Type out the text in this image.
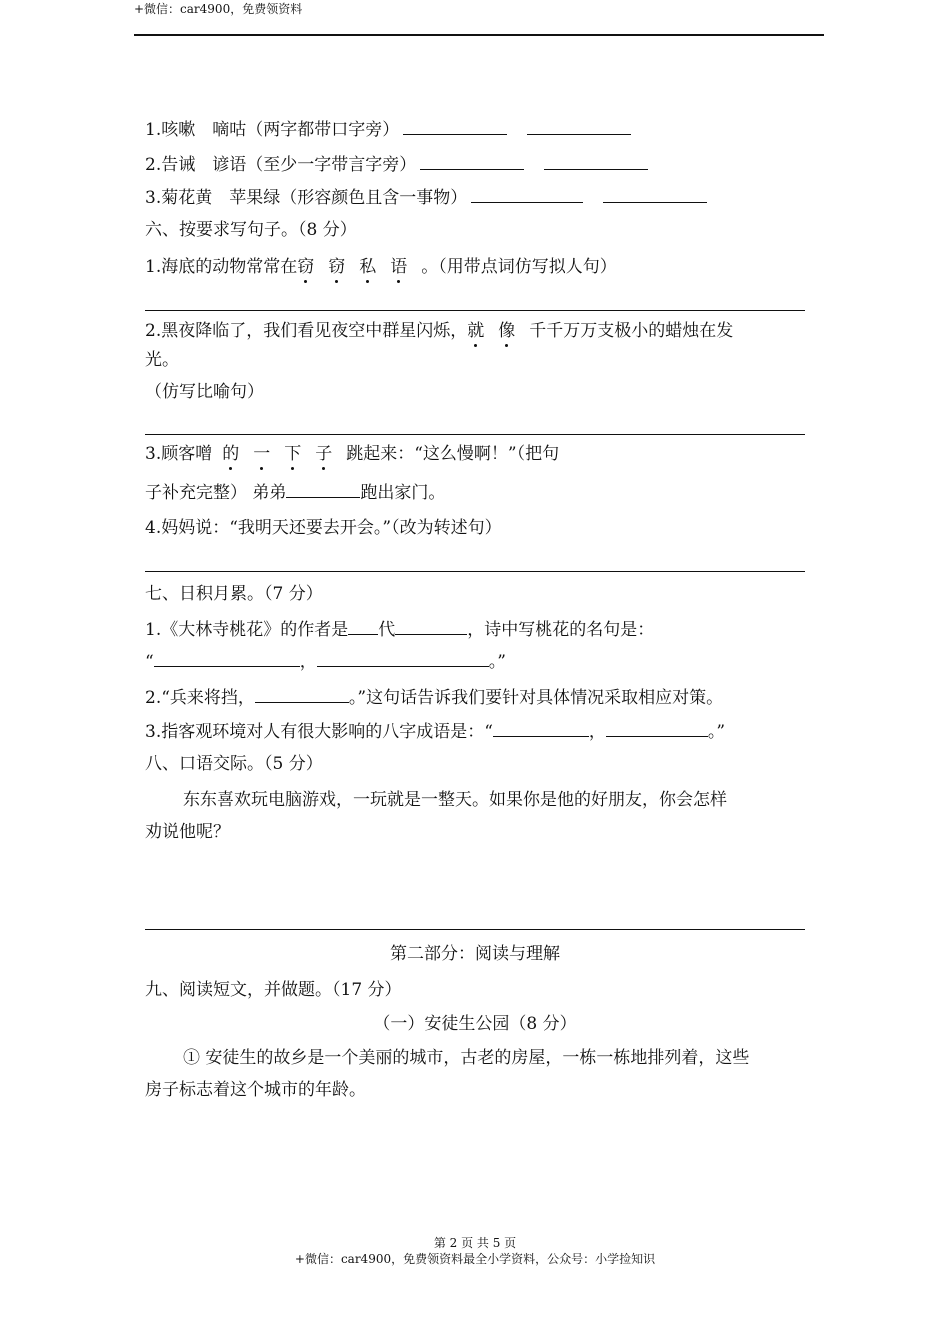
+微信：car4900，免费领资料
1.咳嗽　嘀咕（两字都带口字旁）
2.告诫　谚语（至少一字带言字旁）
3.菊花黄　苹果绿（形容颜色且含一事物）
六、按要求写句子。（8 分）
1.海底的动物常常在窃 窃 私 语 。（用带点词仿写拟人句）
2.黑夜降临了，我们看见夜空中群星闪烁，就 像 千千万万支极小的蜡烛在发
光。
（仿写比喻句）
3.顾客噌 的 一 下 子 跳起来：“这么慢啊！”（把句
子补充完整） 弟弟	跑出家门。
4.妈妈说：“我明天还要去开会。”（改为转述句）
七、日积月累。（7 分）
1.《大林寺桃花》的作者是 代	，诗中写桃花的名句是：
“	，	。”
2.“兵来将挡，	。”这句话告诉我们要针对具体情况采取相应对策。
3.指客观环境对人有很大影响的八字成语是：“	，	。”
八、口语交际。（5 分）
东东喜欢玩电脑游戏，一玩就是一整天。如果你是他的好朋友，你会怎样
劝说他呢？
第二部分：阅读与理解
九、阅读短文，并做题。（17 分）
（一）安徒生公园（8 分）
① 安徒生的故乡是一个美丽的城市，古老的房屋，一栋一栋地排列着，这些
房子标志着这个城市的年龄。
第 2 页 共 5 页
+微信：car4900，免费领资料最全小学资料，公众号：小学捡知识
